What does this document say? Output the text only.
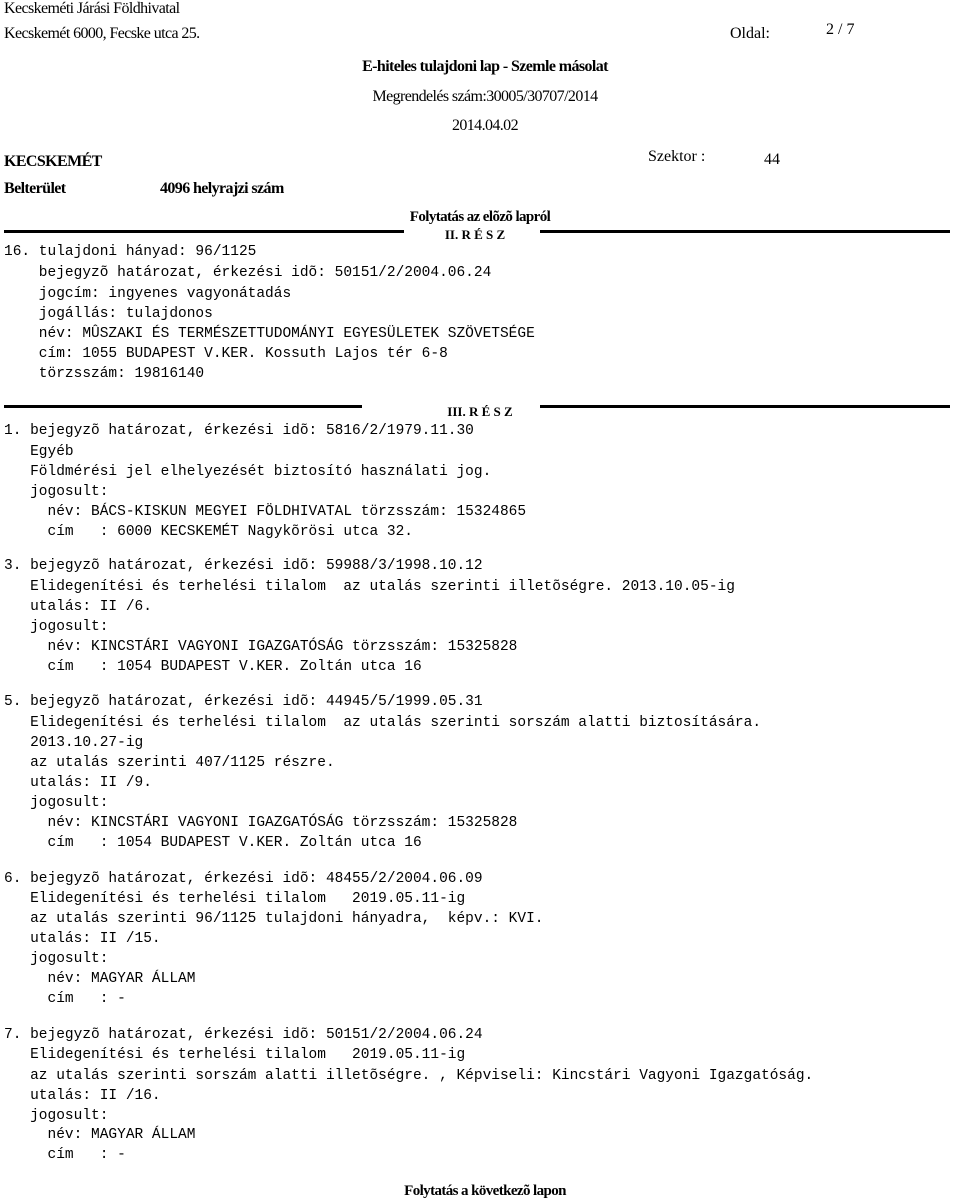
Kecskeméti Járási Földhivatal
Kecskemét 6000, Fecske utca 25.	Oldal:	2 / 7
E-hiteles tulajdoni lap - Szemle másolat
Megrendelés szám:30005/30707/2014
2014.04.02
KECSKEMÉT	Szektor :	44
Belterület	4096 helyrajzi szám
Folytatás az elõzõ lapról
II. R É S Z
16. tulajdoni hányad: 96/1125
bejegyzõ határozat, érkezési idõ: 50151/2/2004.06.24
jogcím: ingyenes vagyonátadás
jogállás: tulajdonos
név: MÛSZAKI ÉS TERMÉSZETTUDOMÁNYI EGYESÜLETEK SZÖVETSÉGE
cím: 1055 BUDAPEST V.KER. Kossuth Lajos tér 6-8
törzsszám: 19816140
III. R É S Z
1. bejegyzõ határozat, érkezési idõ: 5816/2/1979.11.30
Egyéb
Földmérési jel elhelyezését biztosító használati jog.
jogosult:
név: BÁCS-KISKUN MEGYEI FÖLDHIVATAL törzsszám: 15324865
cím   : 6000 KECSKEMÉT Nagykõrösi utca 32.
3. bejegyzõ határozat, érkezési idõ: 59988/3/1998.10.12
Elidegenítési és terhelési tilalom  az utalás szerinti illetõségre. 2013.10.05-ig
utalás: II /6.
jogosult:
név: KINCSTÁRI VAGYONI IGAZGATÓSÁG törzsszám: 15325828
cím   : 1054 BUDAPEST V.KER. Zoltán utca 16
5. bejegyzõ határozat, érkezési idõ: 44945/5/1999.05.31
Elidegenítési és terhelési tilalom  az utalás szerinti sorszám alatti biztosítására.
2013.10.27-ig
az utalás szerinti 407/1125 részre.
utalás: II /9.
jogosult:
név: KINCSTÁRI VAGYONI IGAZGATÓSÁG törzsszám: 15325828
cím   : 1054 BUDAPEST V.KER. Zoltán utca 16
6. bejegyzõ határozat, érkezési idõ: 48455/2/2004.06.09
Elidegenítési és terhelési tilalom   2019.05.11-ig
az utalás szerinti 96/1125 tulajdoni hányadra,  képv.: KVI.
utalás: II /15.
jogosult:
név: MAGYAR ÁLLAM
cím   : -
7. bejegyzõ határozat, érkezési idõ: 50151/2/2004.06.24
Elidegenítési és terhelési tilalom   2019.05.11-ig
az utalás szerinti sorszám alatti illetõségre. , Képviseli: Kincstári Vagyoni Igazgatóság.
utalás: II /16.
jogosult:
név: MAGYAR ÁLLAM
cím   : -
Folytatás a következõ lapon
